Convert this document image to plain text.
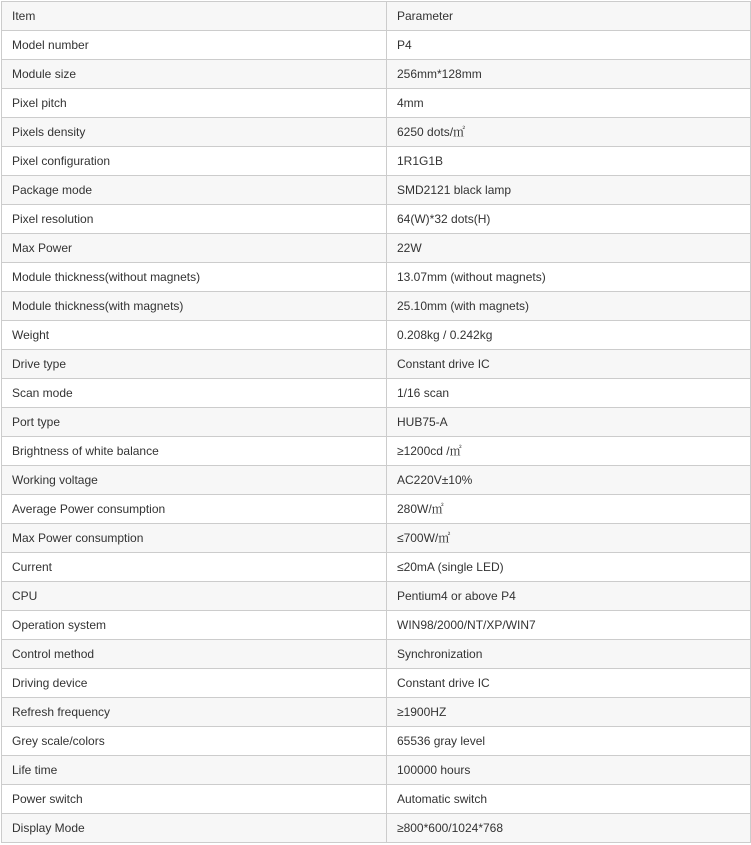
Item	Parameter
Model number	P4
Module size	256mm*128mm
Pixel pitch	4mm
Pixels density	6250 dots/㎡
Pixel configuration	1R1G1B
Package mode	SMD2121 black lamp
Pixel resolution	64(W)*32 dots(H)
Max Power	22W
Module thickness(without magnets)	13.07mm (without magnets)
Module thickness(with magnets)	25.10mm (with magnets)
Weight	0.208kg / 0.242kg
Drive type	Constant drive IC
Scan mode	1/16 scan
Port type	HUB75-A
Brightness of white balance	≥1200cd /㎡
Working voltage	AC220V±10%
Average Power consumption	280W/㎡
Max Power consumption	≤700W/㎡
Current	≤20mA (single LED)
CPU	Pentium4 or above P4
Operation system	WIN98/2000/NT/XP/WIN7
Control method	Synchronization
Driving device	Constant drive IC
Refresh frequency	≥1900HZ
Grey scale/colors	65536 gray level
Life time	100000 hours
Power switch	Automatic switch
Display Mode	≥800*600/1024*768
